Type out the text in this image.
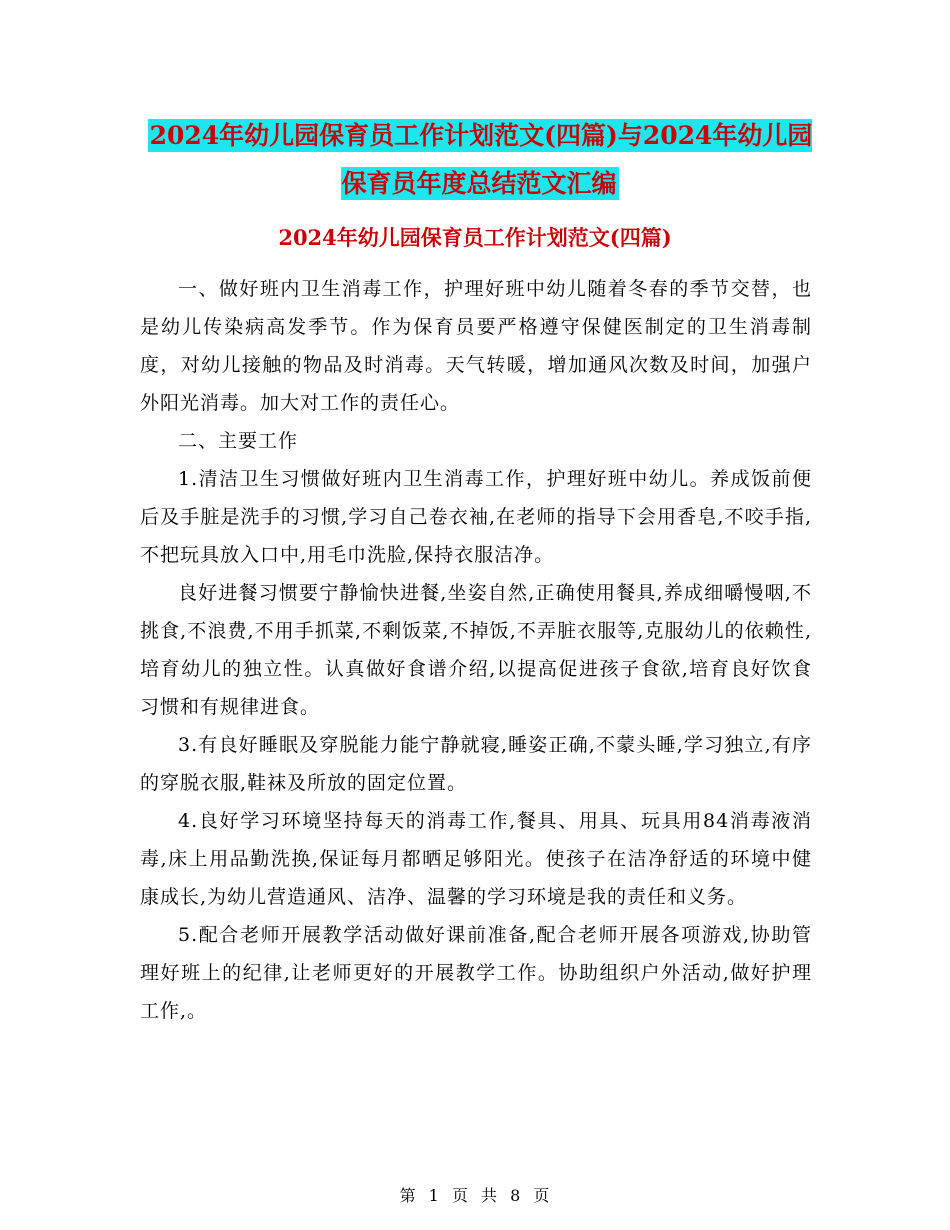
2024年幼儿园保育员工作计划范文(四篇)与2024年幼儿园保育员年度总结范文汇编
2024年幼儿园保育员工作计划范文(四篇)

一、做好班内卫生消毒工作，护理好班中幼儿随着冬春的季节交替，也是幼儿传染病高发季节。作为保育员要严格遵守保健医制定的卫生消毒制度，对幼儿接触的物品及时消毒。天气转暖，增加通风次数及时间，加强户外阳光消毒。加大对工作的责任心。

二、主要工作

1.清洁卫生习惯做好班内卫生消毒工作，护理好班中幼儿。养成饭前便后及手脏是洗手的习惯,学习自己卷衣袖,在老师的指导下会用香皂,不咬手指,不把玩具放入口中,用毛巾洗脸,保持衣服洁净。

良好进餐习惯要宁静愉快进餐,坐姿自然,正确使用餐具,养成细嚼慢咽,不挑食,不浪费,不用手抓菜,不剩饭菜,不掉饭,不弄脏衣服等,克服幼儿的依赖性,培育幼儿的独立性。认真做好食谱介绍,以提高促进孩子食欲,培育良好饮食习惯和有规律进食。

3.有良好睡眠及穿脱能力能宁静就寝,睡姿正确,不蒙头睡,学习独立,有序的穿脱衣服,鞋袜及所放的固定位置。

4.良好学习环境坚持每天的消毒工作,餐具、用具、玩具用84消毒液消毒,床上用品勤洗换,保证每月都晒足够阳光。使孩子在洁净舒适的环境中健康成长,为幼儿营造通风、洁净、温馨的学习环境是我的责任和义务。

5.配合老师开展教学活动做好课前准备,配合老师开展各项游戏,协助管理好班上的纪律,让老师更好的开展教学工作。协助组织户外活动,做好护理工作,。

第 1 页 共 8 页
